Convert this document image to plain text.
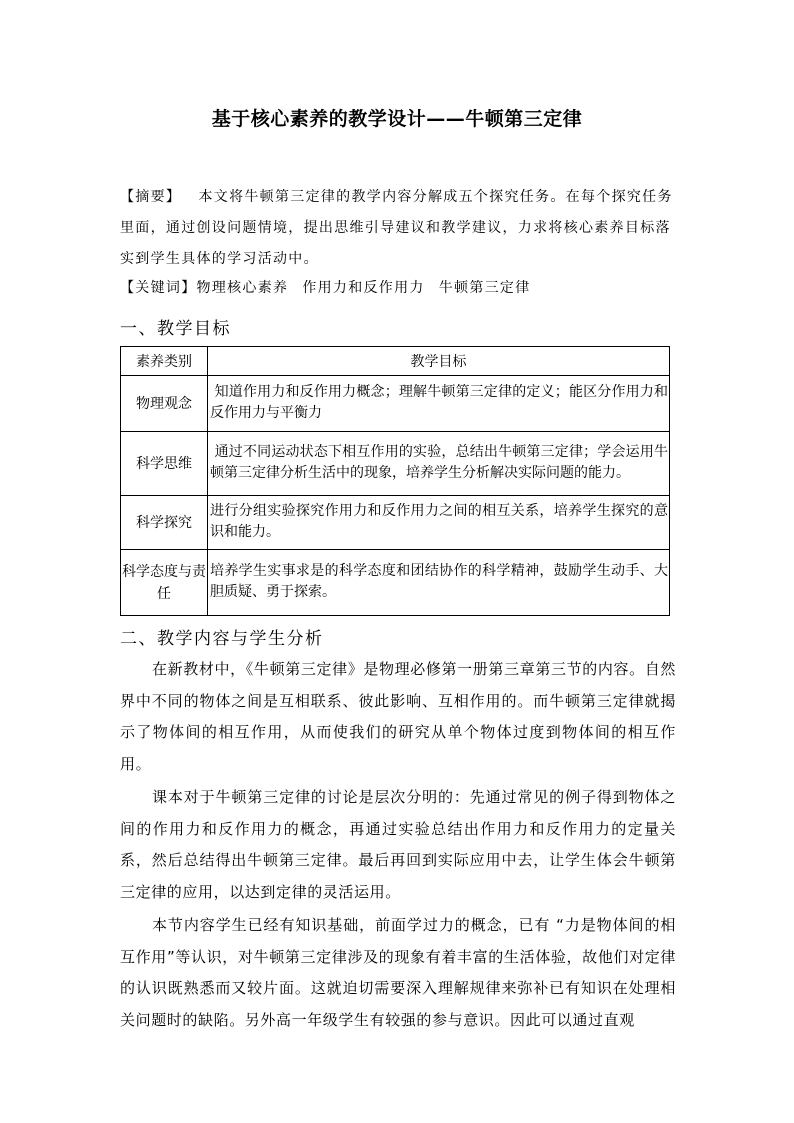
基于核心素养的教学设计——牛顿第三定律
【摘要】 本文将牛顿第三定律的教学内容分解成五个探究任务。在每个探究任务里面，通过创设问题情境，提出思维引导建议和教学建议，力求将核心素养目标落实到学生具体的学习活动中。
【关键词】物理核心素养 作用力和反作用力 牛顿第三定律
一、教学目标
素养类别	教学目标
物理观念	知道作用力和反作用力概念；理解牛顿第三定律的定义；能区分作用力和反作用力与平衡力
科学思维	通过不同运动状态下相互作用的实验，总结出牛顿第三定律；学会运用牛顿第三定律分析生活中的现象，培养学生分析解决实际问题的能力。
科学探究	进行分组实验探究作用力和反作用力之间的相互关系，培养学生探究的意识和能力。
科学态度与责任	培养学生实事求是的科学态度和团结协作的科学精神，鼓励学生动手、大胆质疑、勇于探索。
二、教学内容与学生分析

在新教材中，《牛顿第三定律》是物理必修第一册第三章第三节的内容。自然界中不同的物体之间是互相联系、彼此影响、互相作用的。而牛顿第三定律就揭示了物体间的相互作用，从而使我们的研究从单个物体过度到物体间的相互作用。

课本对于牛顿第三定律的讨论是层次分明的：先通过常见的例子得到物体之间的作用力和反作用力的概念，再通过实验总结出作用力和反作用力的定量关系，然后总结得出牛顿第三定律。最后再回到实际应用中去，让学生体会牛顿第三定律的应用，以达到定律的灵活运用。

本节内容学生已经有知识基础，前面学过力的概念，已有 “力是物体间的相互作用”等认识，对牛顿第三定律涉及的现象有着丰富的生活体验，故他们对定律的认识既熟悉而又较片面。这就迫切需要深入理解规律来弥补已有知识在处理相关问题时的缺陷。另外高一年级学生有较强的参与意识。因此可以通过直观
